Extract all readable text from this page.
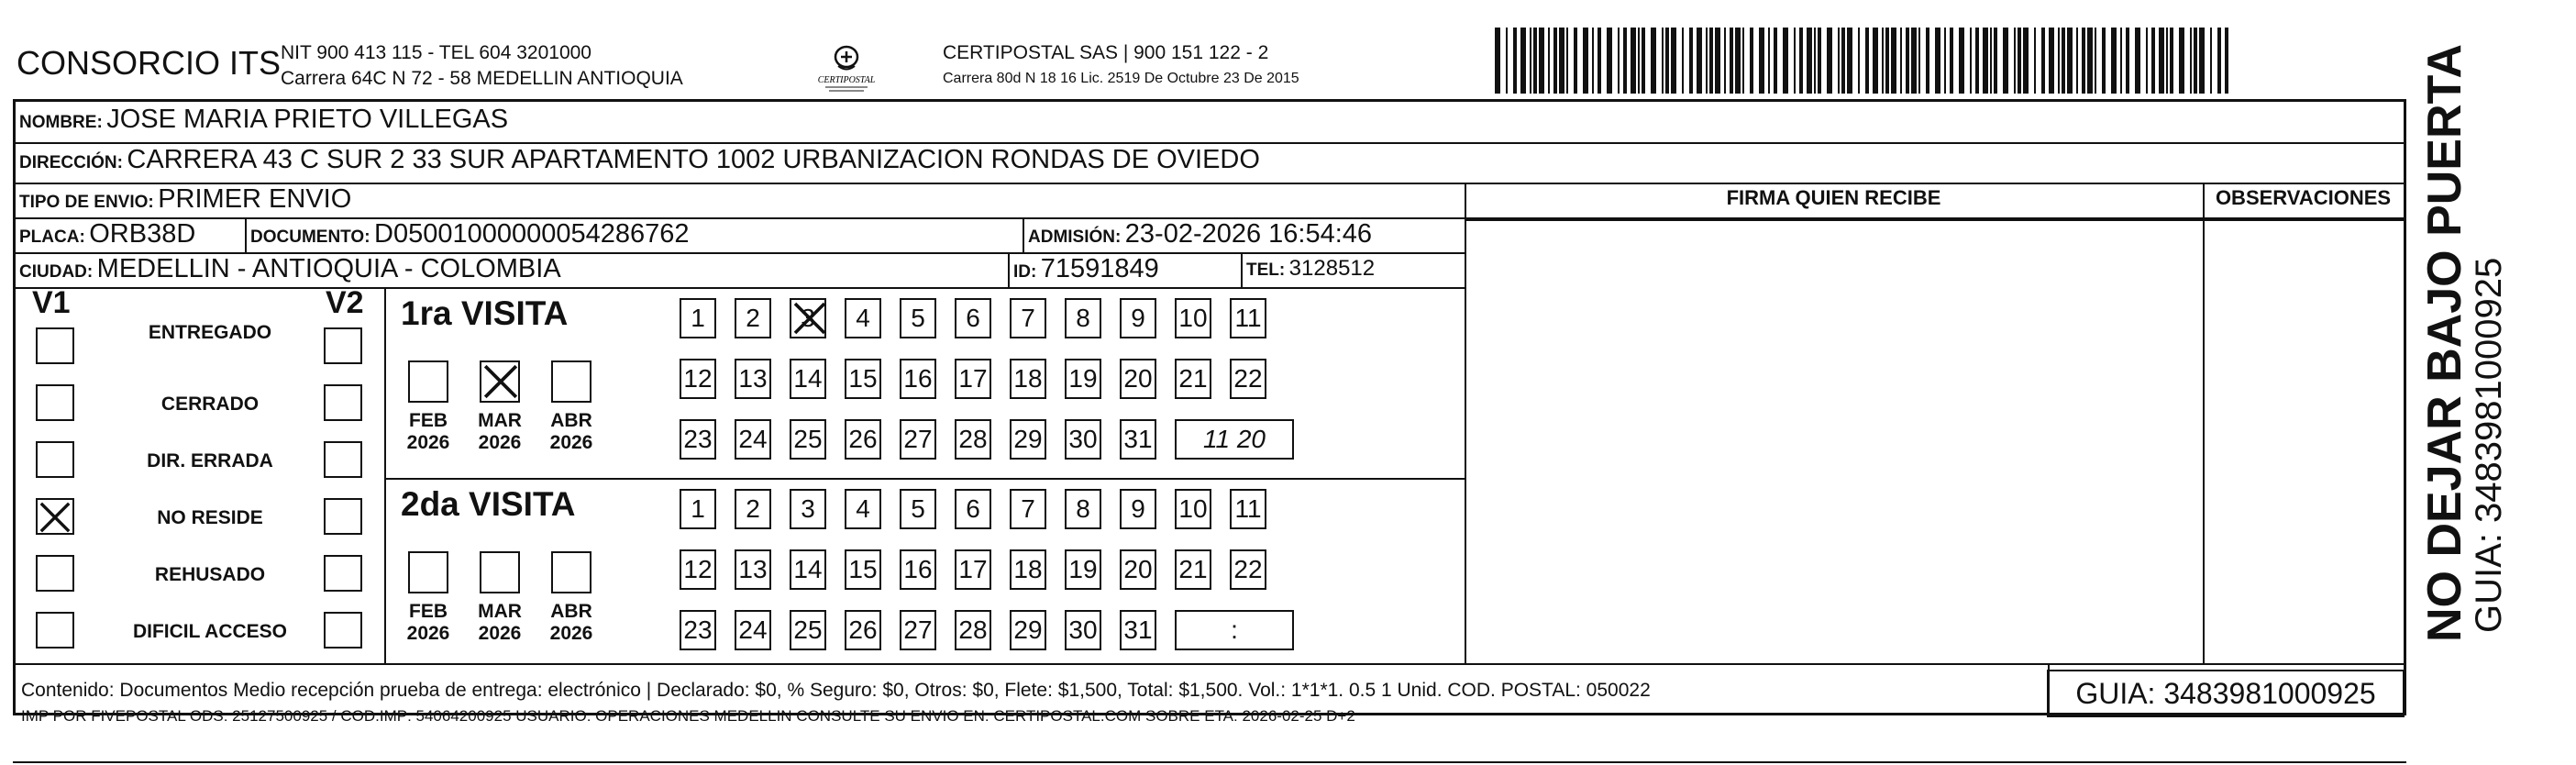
CONSORCIO ITS NIT 900 413 115 - TEL 604 3201000
Carrera 64C N 72 - 58 MEDELLIN ANTIOQUIA	CERTIPOSTAL
CERTIPOSTAL SAS | 900 151 122 - 2
Carrera 80d N 18 16 Lic. 2519 De Octubre 23 De 2015
NOMBRE: JOSE MARIA PRIETO VILLEGAS
DIRECCIÓN: CARRERA 43 C SUR 2 33 SUR APARTAMENTO 1002 URBANIZACION RONDAS DE OVIEDO
TIPO DE ENVIO: PRIMER ENVIO	FIRMA QUIEN RECIBE	OBSERVACIONES
PLACA: ORB38D	DOCUMENTO: D05001000000054286762	ADMISIÓN: 23-02-2026 16:54:46
CIUDAD: MEDELLIN - ANTIOQUIA - COLOMBIA	ID: 71591849	TEL: 3128512
V1	V2
ENTREGADO
CERRADO
DIR. ERRADA
NO RESIDE
REHUSADO
DIFICIL ACCESO
1ra VISITA
FEB
2026
MAR
2026
ABR
2026
1	2	3	4	5	6	7	8	9	10 11
12 13 14 15 16 17 18 19 20 21 22
23 24 25 26 27 28 29 30 31	11 20
2da VISITA
FEB
2026
MAR
2026
ABR
2026
1	2	3	4	5	6	7	8	9	10 11
12 13 14 15 16 17 18 19 20 21 22
23 24 25 26 27 28 29 30 31	:
Contenido: Documentos Medio recepción prueba de entrega: electrónico | Declarado: $0, % Seguro: $0, Otros: $0, Flete: $1,500, Total: $1,500. Vol.: 1*1*1. 0.5 1 Unid. COD. POSTAL: 050022
IMP POR FIVEPOSTAL ODS: 25127500925 / COD.IMP: 54064200925 USUARIO: OPERACIONES MEDELLIN CONSULTE SU ENVIO EN: CERTIPOSTAL.COM SOBRE ETA: 2026-02-25 D+2
GUIA: 3483981000925
NO DEJAR BAJO PUERTA
GUIA: 3483981000925
